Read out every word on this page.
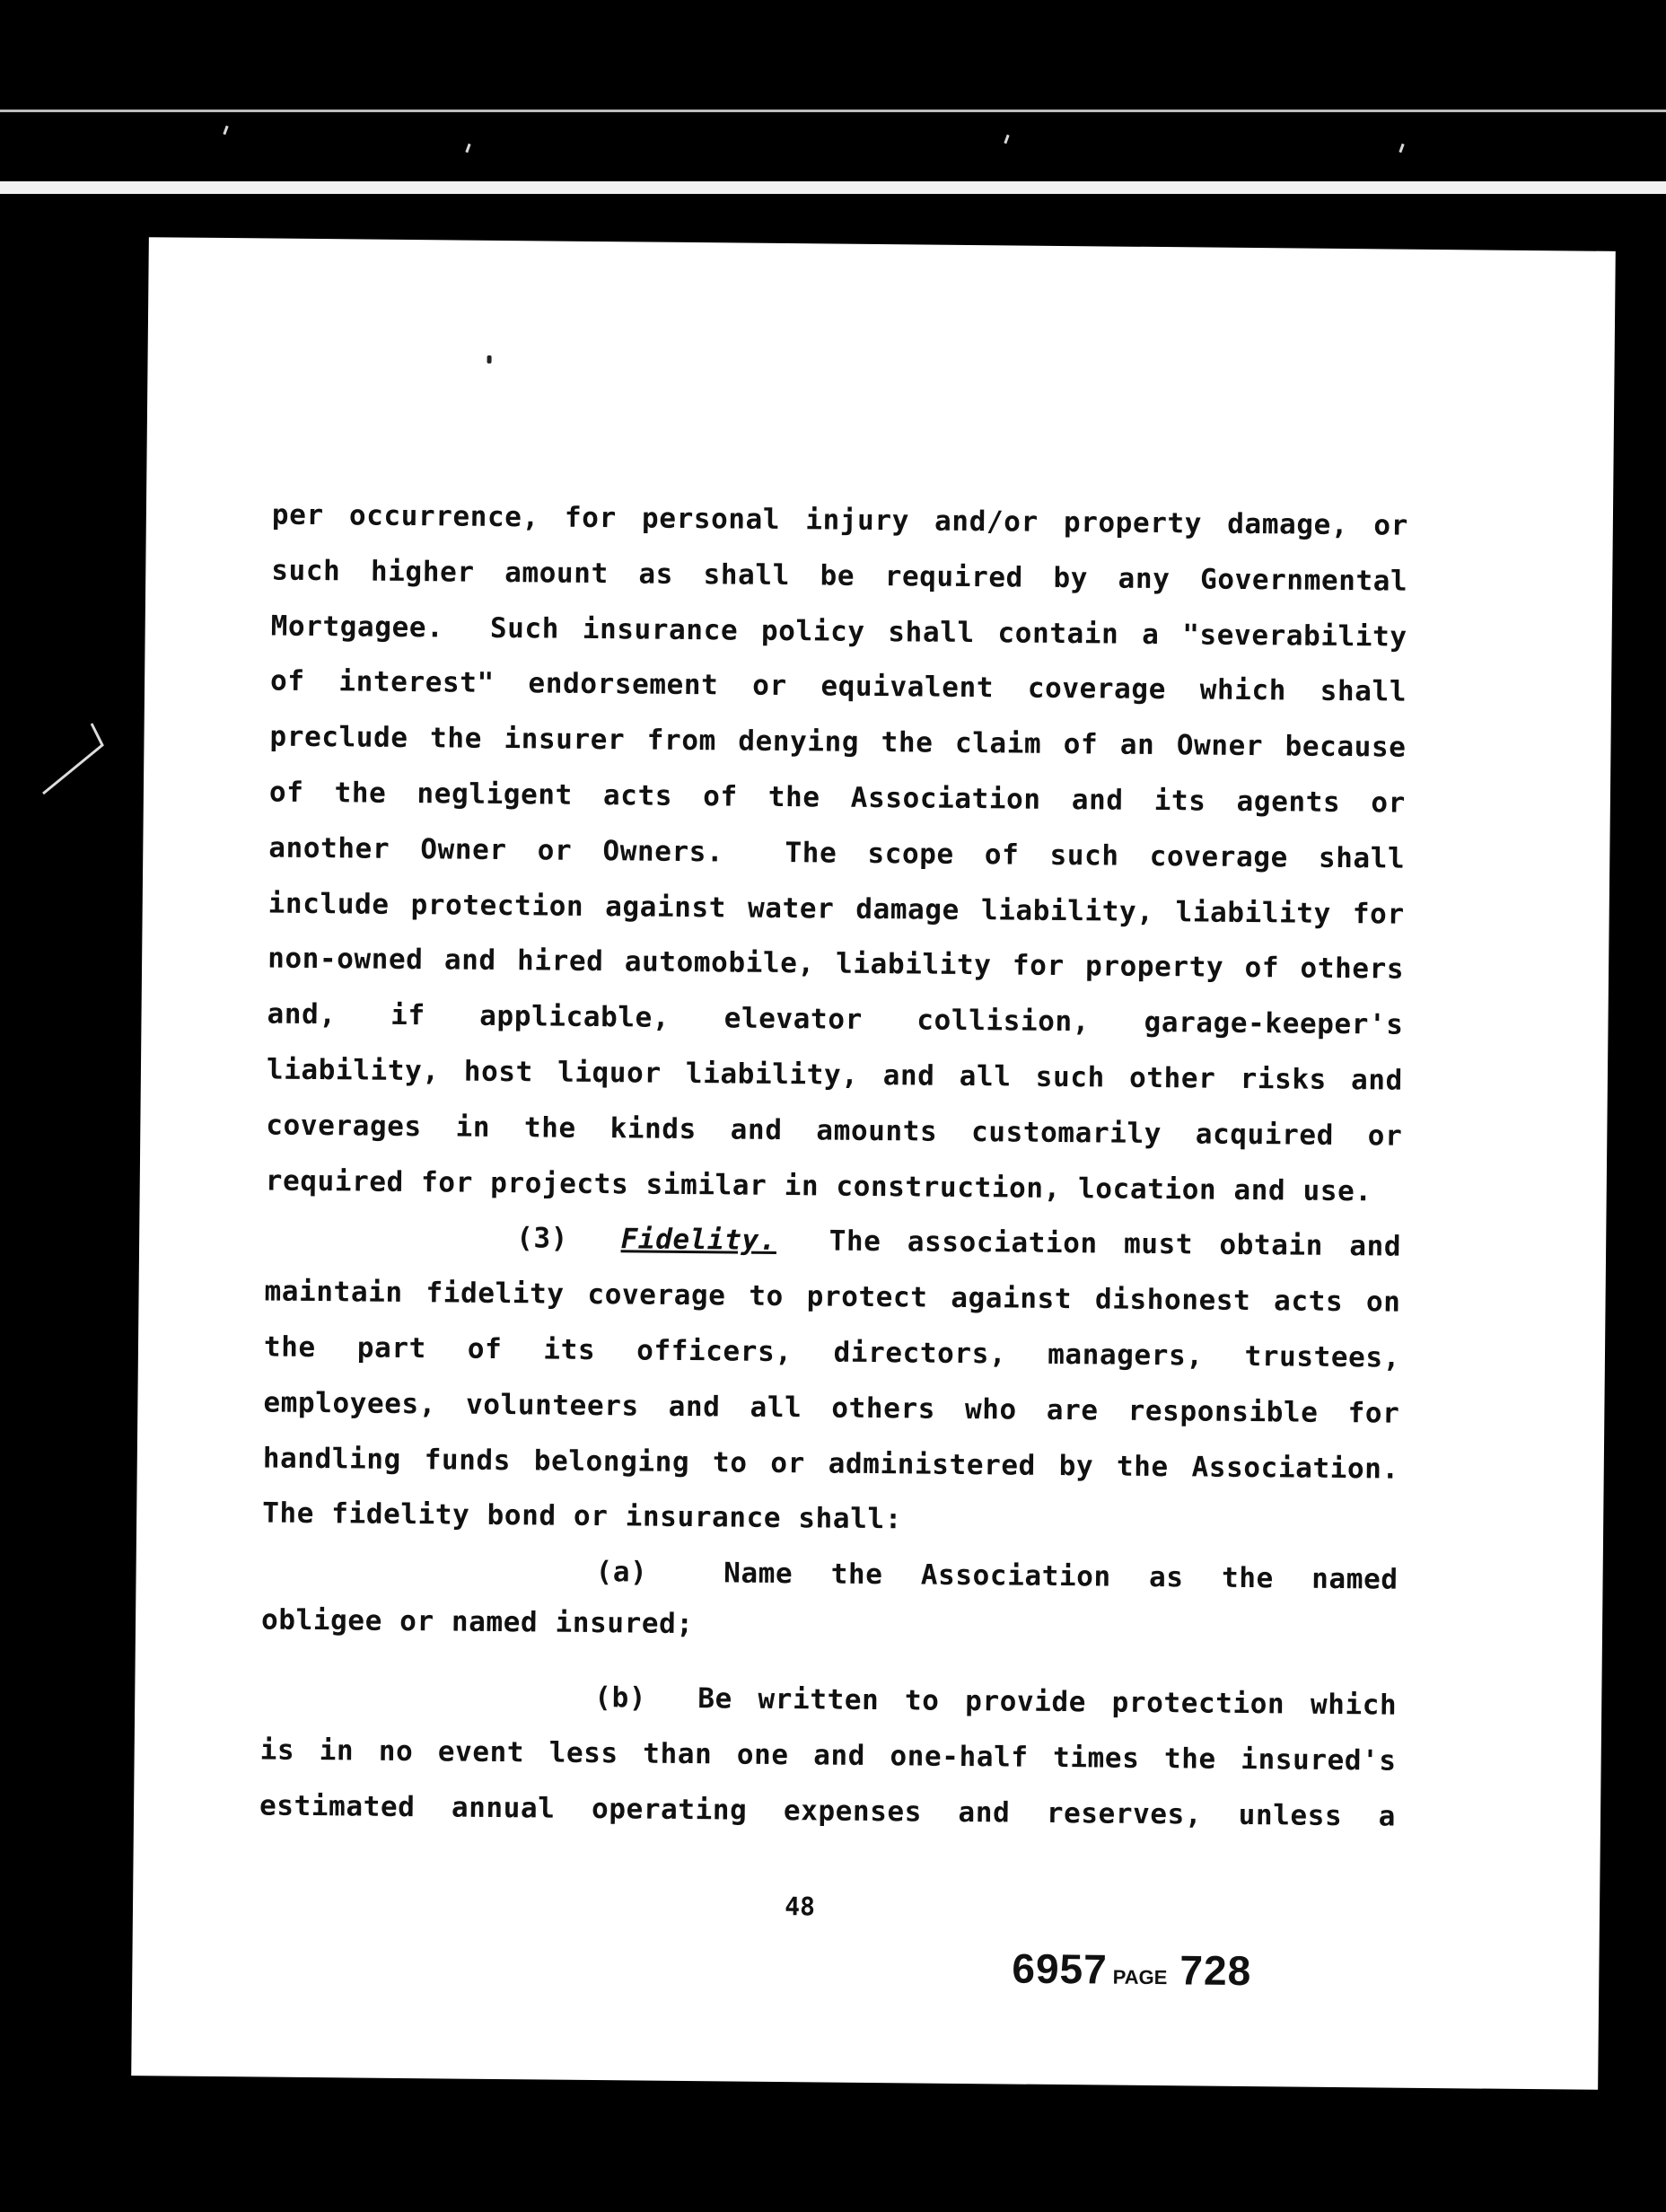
per occurrence, for personal injury and/or property damage, or
such higher amount as shall be required by any Governmental
Mortgagee.  Such insurance policy shall contain a "severability
of interest" endorsement or equivalent coverage which shall
preclude the insurer from denying the claim of an Owner because
of the negligent acts of the Association and its agents or
another Owner or Owners.  The scope of such coverage shall
include protection against water damage liability, liability for
non-owned and hired automobile, liability for property of others
and, if applicable, elevator collision, garage-keeper's
liability, host liquor liability, and all such other risks and
coverages in the kinds and amounts customarily acquired or
required for projects similar in construction, location and use.
(3) Fidelity. The association must obtain and
maintain fidelity coverage to protect against dishonest acts on
the part of its officers, directors, managers, trustees,
employees, volunteers and all others who are responsible for
handling funds belonging to or administered by the Association.
The fidelity bond or insurance shall:
(a)  Name the Association as the named
obligee or named insured;
(b)  Be written to provide protection which
is in no event less than one and one-half times the insured's
estimated annual operating expenses and reserves, unless a
48
6957 PAGE 728
